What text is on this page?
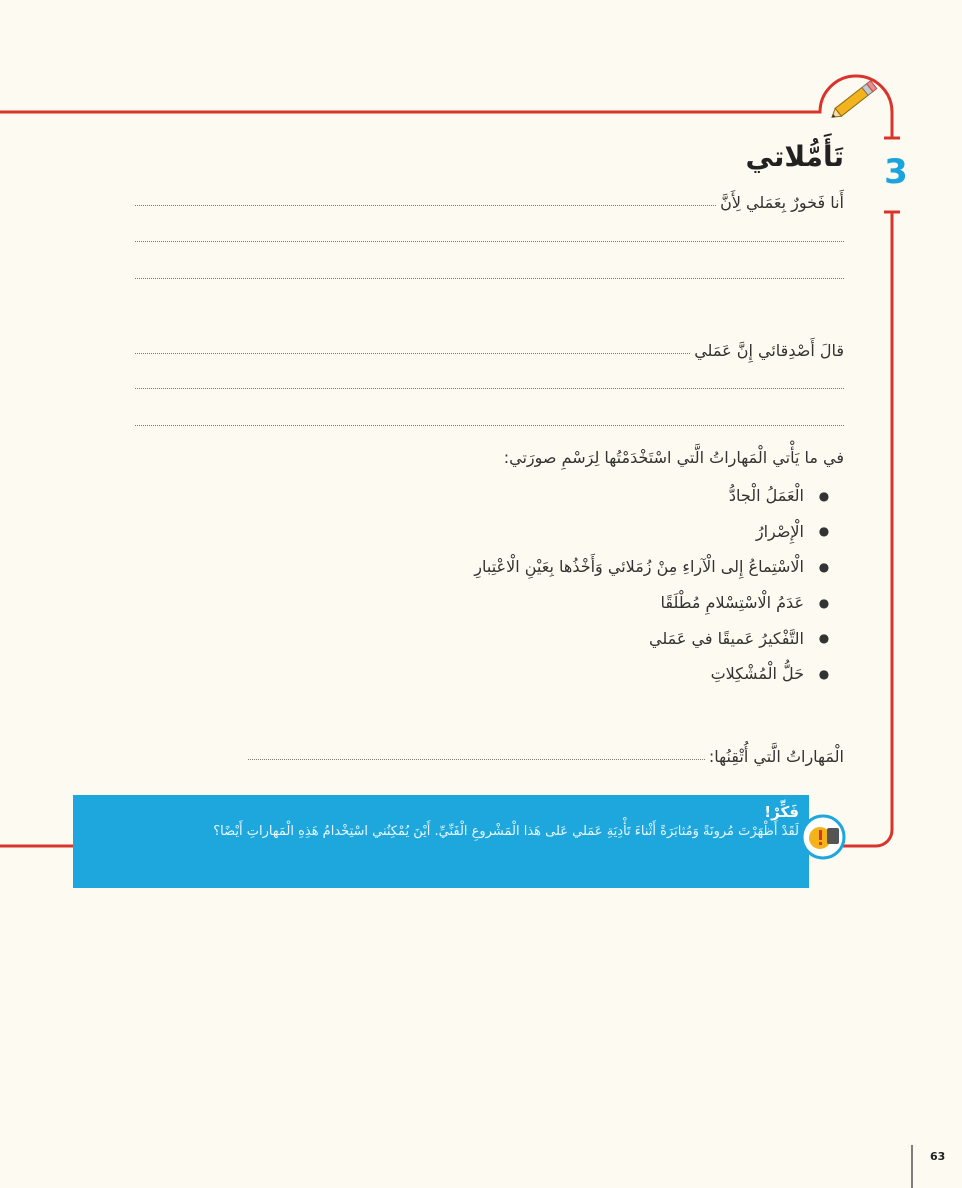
3
تَأَمُّلاتي
أَنا فَخورٌ بِعَمَلي لِأَنَّ
قالَ أَصْدِقائي إِنَّ عَمَلي
في ما يَأْتي الْمَهاراتُ الَّتي اسْتَخْدَمْتُها لِرَسْمِ صورَتي:
●
الْعَمَلُ الْجادُّ
●
الْإِصْرارُ
●
الْاسْتِماعُ إِلى الْآراءِ مِنْ زُمَلائي وَأَخْذُها بِعَيْنِ الْاعْتِبارِ
●
عَدَمُ الْاسْتِسْلامِ مُطْلَقًا
●
التَّفْكيرُ عَميقًا في عَمَلي
●
حَلُّ الْمُشْكِلاتِ
الْمَهاراتُ الَّتي أُتْقِنُها:
فَكِّرْ!
لَقَدْ أَظْهَرْتَ مُرونَةً وَمُثابَرَةً أَثْناءَ تَأْدِيَةِ عَمَلي عَلى هَذا الْمَشْروعِ الْفَنِّيِّ. أَيْنَ يُمْكِنُني اسْتِخْدامُ هَذِهِ الْمَهاراتِ أَيْضًا؟
63
